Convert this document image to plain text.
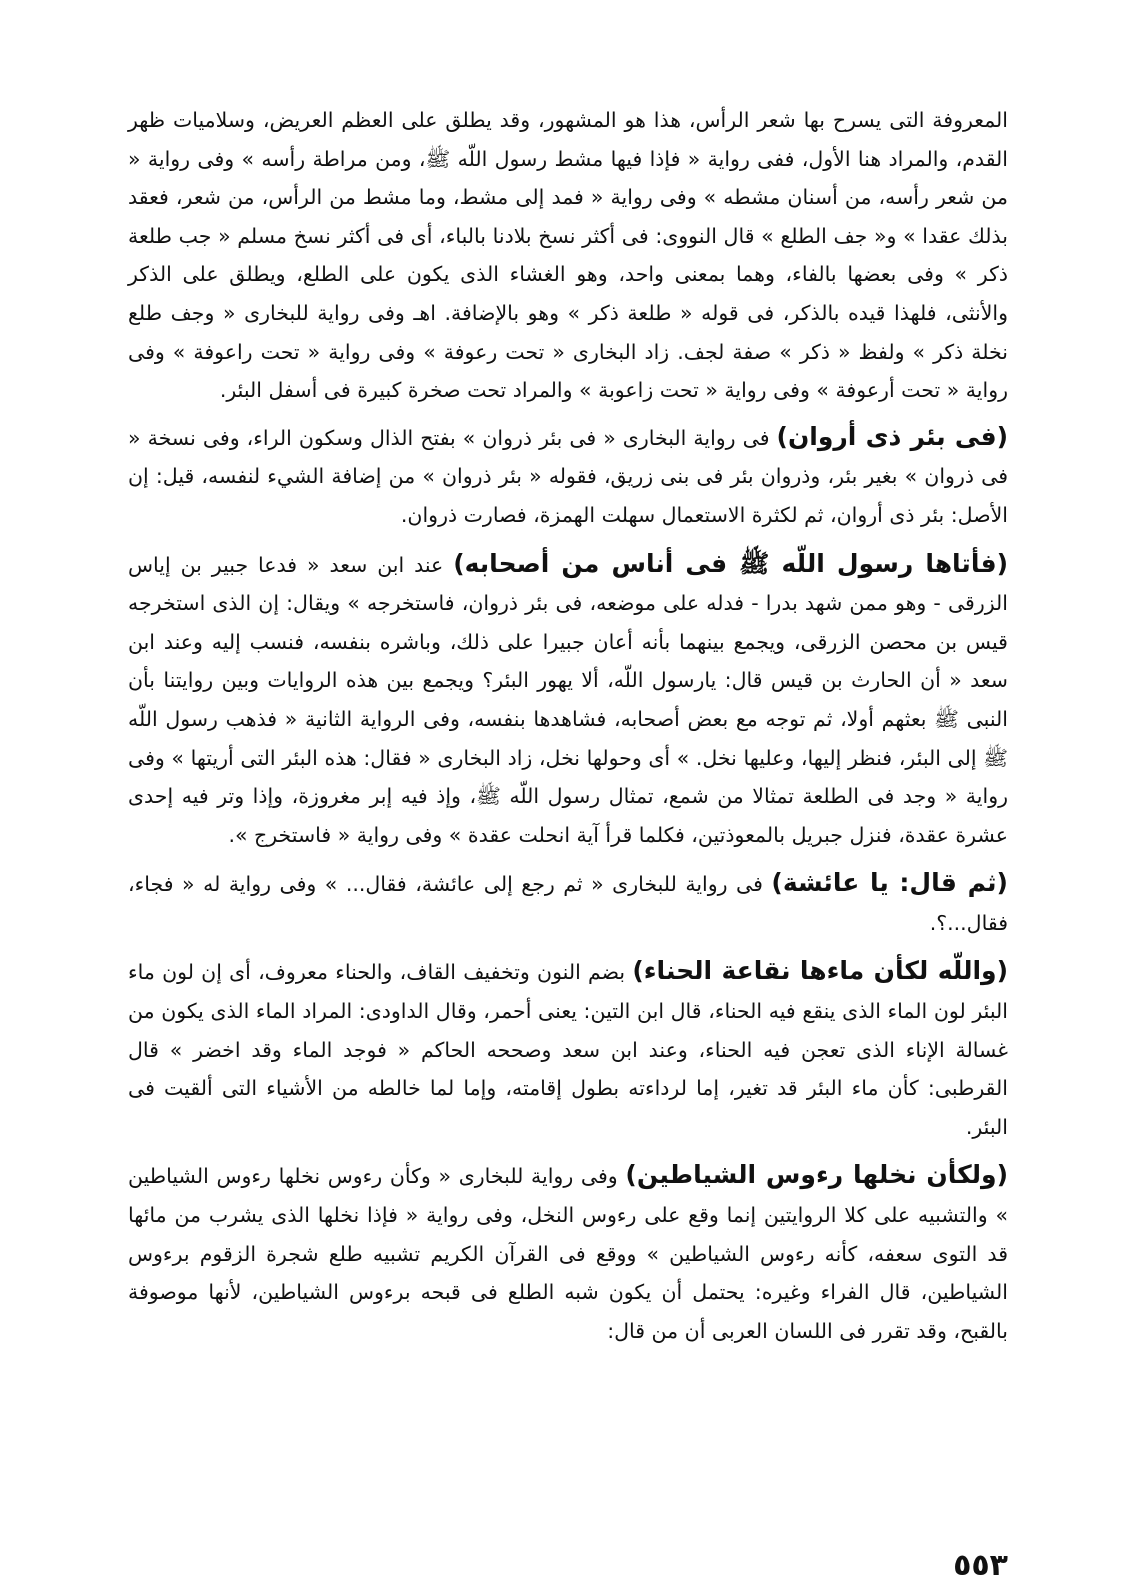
المعروفة التى يسرح بها شعر الرأس، هذا هو المشهور، وقد يطلق على العظم العريض، وسلاميات ظهر القدم، والمراد هنا الأول، ففى رواية « فإذا فيها مشط رسول اللّه ﷺ، ومن مراطة رأسه » وفى رواية « من شعر رأسه، من أسنان مشطه » وفى رواية « فمد إلى مشط، وما مشط من الرأس، من شعر، فعقد بذلك عقدا » و« جف الطلع » قال النووى: فى أكثر نسخ بلادنا بالباء، أى فى أكثر نسخ مسلم « جب طلعة ذكر » وفى بعضها بالفاء، وهما بمعنى واحد، وهو الغشاء الذى يكون على الطلع، ويطلق على الذكر والأنثى، فلهذا قيده بالذكر، فى قوله « طلعة ذكر » وهو بالإضافة. اهـ وفى رواية للبخارى « وجف طلع نخلة ذكر » ولفظ « ذكر » صفة لجف. زاد البخارى « تحت رعوفة » وفى رواية « تحت راعوفة » وفى رواية « تحت أرعوفة » وفى رواية « تحت زاعوبة » والمراد تحت صخرة كبيرة فى أسفل البئر.

(فى بئر ذى أروان) فى رواية البخارى « فى بئر ذروان » بفتح الذال وسكون الراء، وفى نسخة « فى ذروان » بغير بئر، وذروان بئر فى بنى زريق، فقوله « بئر ذروان » من إضافة الشيء لنفسه، قيل: إن الأصل: بئر ذى أروان، ثم لكثرة الاستعمال سهلت الهمزة، فصارت ذروان.

(فأتاها رسول اللّه ﷺ فى أناس من أصحابه) عند ابن سعد « فدعا جبير بن إياس الزرقى - وهو ممن شهد بدرا - فدله على موضعه، فى بئر ذروان، فاستخرجه » ويقال: إن الذى استخرجه قيس بن محصن الزرقى، ويجمع بينهما بأنه أعان جبيرا على ذلك، وباشره بنفسه، فنسب إليه وعند ابن سعد « أن الحارث بن قيس قال: يارسول اللّه، ألا يهور البئر؟ ويجمع بين هذه الروايات وبين روايتنا بأن النبى ﷺ بعثهم أولا، ثم توجه مع بعض أصحابه، فشاهدها بنفسه، وفى الرواية الثانية « فذهب رسول اللّه ﷺ إلى البئر، فنظر إليها، وعليها نخل. » أى وحولها نخل، زاد البخارى « فقال: هذه البئر التى أريتها » وفى رواية « وجد فى الطلعة تمثالا من شمع، تمثال رسول اللّه ﷺ، وإذ فيه إبر مغروزة، وإذا وتر فيه إحدى عشرة عقدة، فنزل جبريل بالمعوذتين، فكلما قرأ آية انحلت عقدة » وفى رواية « فاستخرج ».

(ثم قال: يا عائشة) فى رواية للبخارى « ثم رجع إلى عائشة، فقال... » وفى رواية له « فجاء، فقال...؟.

(واللّه لكأن ماءها نقاعة الحناء) بضم النون وتخفيف القاف، والحناء معروف، أى إن لون ماء البئر لون الماء الذى ينقع فيه الحناء، قال ابن التين: يعنى أحمر، وقال الداودى: المراد الماء الذى يكون من غسالة الإناء الذى تعجن فيه الحناء، وعند ابن سعد وصححه الحاكم « فوجد الماء وقد اخضر » قال القرطبى: كأن ماء البئر قد تغير، إما لرداءته بطول إقامته، وإما لما خالطه من الأشياء التى ألقيت فى البئر.

(ولكأن نخلها رءوس الشياطين) وفى رواية للبخارى « وكأن رءوس نخلها رءوس الشياطين » والتشبيه على كلا الروايتين إنما وقع على رءوس النخل، وفى رواية « فإذا نخلها الذى يشرب من مائها قد التوى سعفه، كأنه رءوس الشياطين » ووقع فى القرآن الكريم تشبيه طلع شجرة الزقوم برءوس الشياطين، قال الفراء وغيره: يحتمل أن يكون شبه الطلع فى قبحه برءوس الشياطين، لأنها موصوفة بالقبح، وقد تقرر فى اللسان العربى أن من قال:

٥٥٣
